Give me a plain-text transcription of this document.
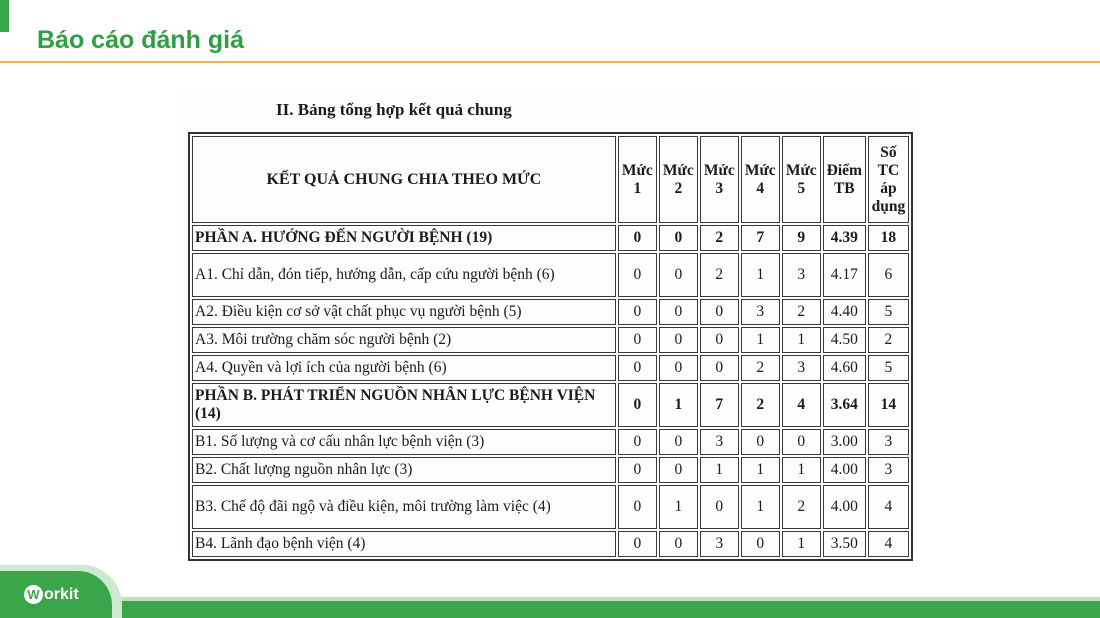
Báo cáo đánh giá
II. Bảng tổng hợp kết quả chung
KẾT QUẢ CHUNG CHIA THEO MỨC	Mức 1	Mức 2	Mức 3	Mức 4	Mức 5	Điểm TB	Số TC áp dụng
PHẦN A. HƯỚNG ĐẾN NGƯỜI BỆNH (19)	0	0	2	7	9	4.39	18
A1. Chỉ dẫn, đón tiếp, hướng dẫn, cấp cứu người bệnh (6)	0	0	2	1	3	4.17	6
A2. Điều kiện cơ sở vật chất phục vụ người bệnh (5)	0	0	0	3	2	4.40	5
A3. Môi trường chăm sóc người bệnh (2)	0	0	0	1	1	4.50	2
A4. Quyền và lợi ích của người bệnh (6)	0	0	0	2	3	4.60	5
PHẦN B. PHÁT TRIỂN NGUỒN NHÂN LỰC BỆNH VIỆN (14)	0	1	7	2	4	3.64	14
B1. Số lượng và cơ cấu nhân lực bệnh viện (3)	0	0	3	0	0	3.00	3
B2. Chất lượng nguồn nhân lực (3)	0	0	1	1	1	4.00	3
B3. Chế độ đãi ngộ và điều kiện, môi trường làm việc (4)	0	1	0	1	2	4.00	4
B4. Lãnh đạo bệnh viện (4)	0	0	3	0	1	3.50	4
W orkit
